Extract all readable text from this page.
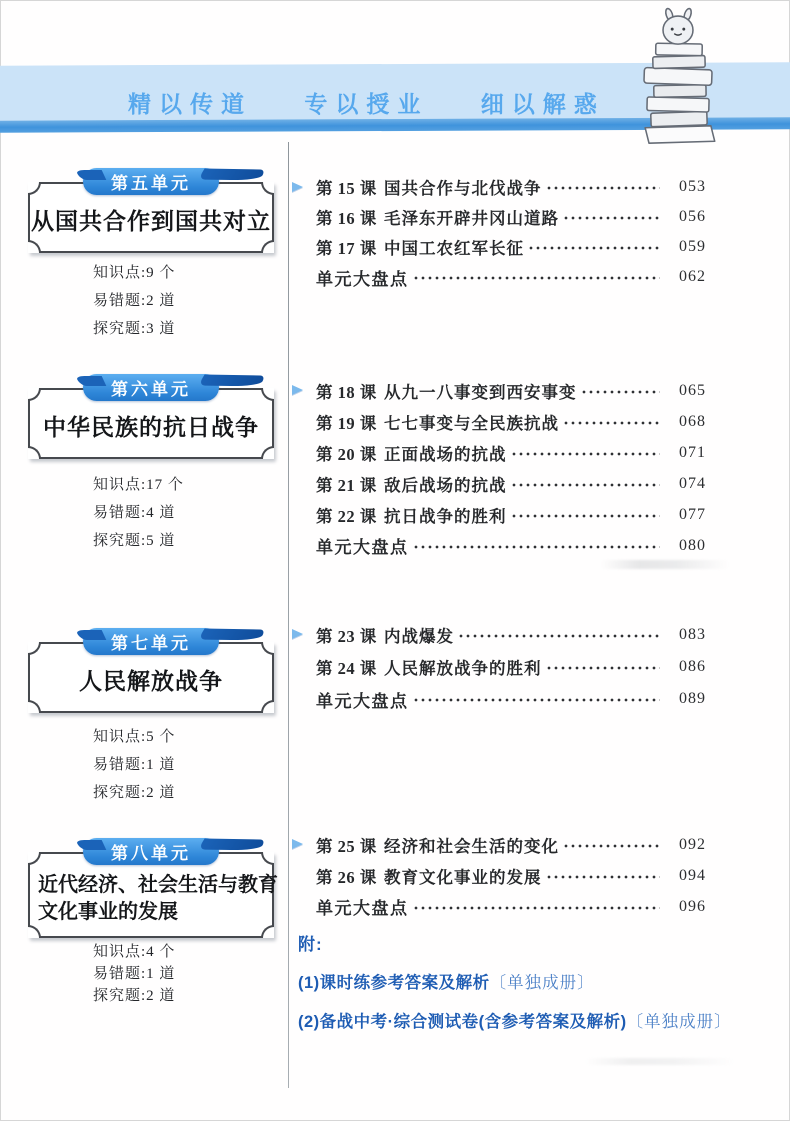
精以传道 专以授业 细以解惑
第五单元
从国共合作到国共对立
知识点:9 个
易错题:2 道
探究题:3 道
第 15 课 国共合作与北伐战争	053
第 16 课 毛泽东开辟井冈山道路	056
第 17 课 中国工农红军长征	059
单元大盘点	062
第六单元
中华民族的抗日战争
知识点:17 个
易错题:4 道
探究题:5 道
第 18 课 从九一八事变到西安事变	065
第 19 课 七七事变与全民族抗战	068
第 20 课 正面战场的抗战	071
第 21 课 敌后战场的抗战	074
第 22 课 抗日战争的胜利	077
单元大盘点	080
第七单元
人民解放战争
知识点:5 个
易错题:1 道
探究题:2 道
第 23 课 内战爆发	083
第 24 课 人民解放战争的胜利	086
单元大盘点	089
第八单元
近代经济、社会生活与教育
文化事业的发展
知识点:4 个
易错题:1 道
探究题:2 道
第 25 课 经济和社会生活的变化	092
第 26 课 教育文化事业的发展	094
单元大盘点	096
附:
(1)课时练参考答案及解析〔单独成册〕
(2)备战中考·综合测试卷(含参考答案及解析)〔单独成册〕
